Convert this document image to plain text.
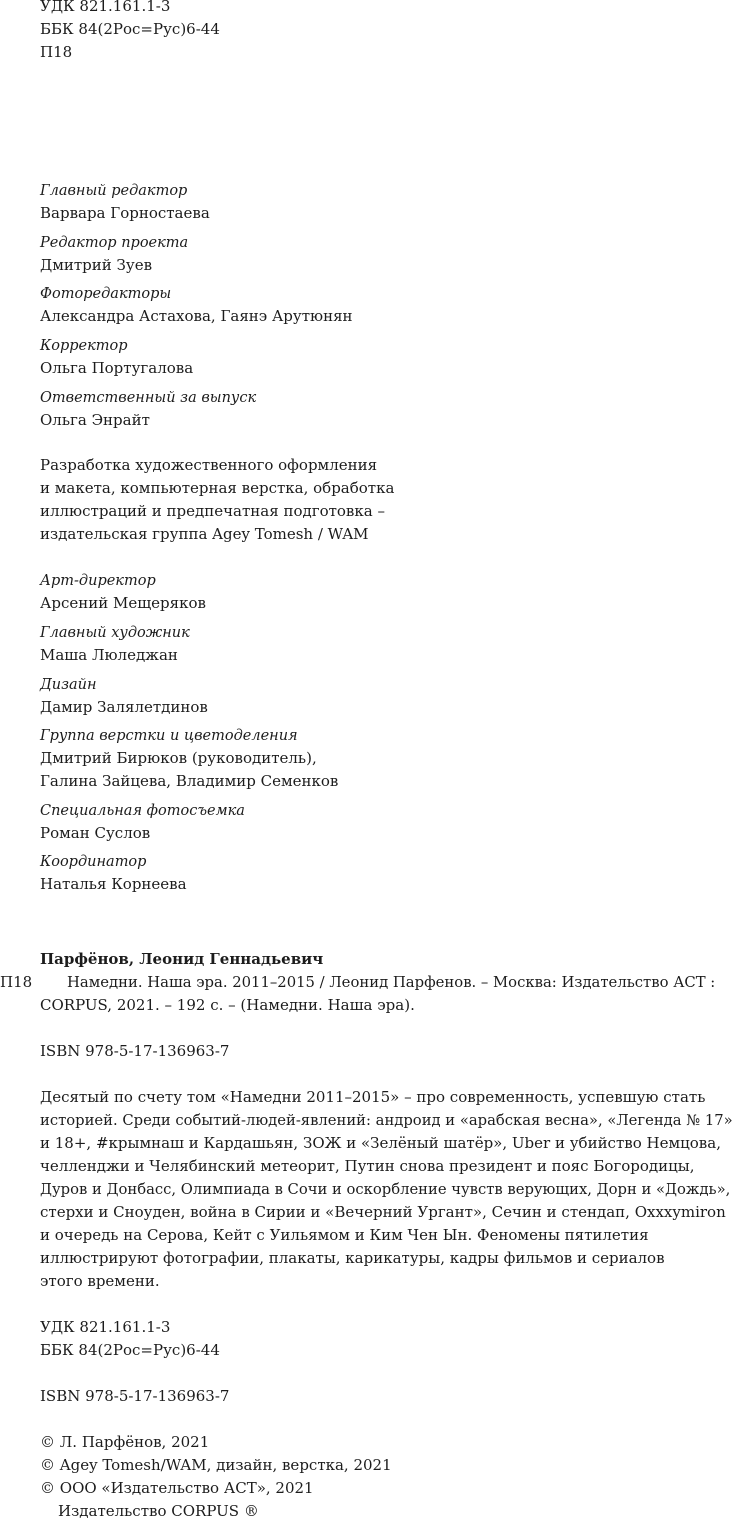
УДК 821.161.1-3
ББК 84(2Рос=Рус)6-44
П18
Главный редактор
Варвара Горностаева
Редактор проекта
Дмитрий Зуев
Фоторедакторы
Александра Астахова, Гаянэ Арутюнян
Корректор
Ольга Португалова
Ответственный за выпуск
Ольга Энрайт
Разработка художественного оформления
и макета, компьютерная верстка, обработка
иллюстраций и предпечатная подготовка –
издательская группа Agey Tomesh / WAM
Арт-директор
Арсений Мещеряков
Главный художник
Маша Люледжан
Дизайн
Дамир Залялетдинов
Группа верстки и цветоделения
Дмитрий Бирюков (руководитель),
Галина Зайцева, Владимир Семенков
Специальная фотосъемка
Роман Суслов
Координатор
Наталья Корнеева
Парфёнов, Леонид Геннадьевич
П18 Намедни. Наша эра. 2011–2015 / Леонид Парфенов. – Москва: Издательство АСТ :
CORPUS, 2021. – 192 с. – (Намедни. Наша эра).
ISBN 978-5-17-136963-7
Десятый по счету том «Намедни 2011–2015» – про современность, успевшую стать
историей. Среди событий-людей-явлений: андроид и «арабская весна», «Легенда № 17»
и 18+, #крымнаш и Кардашьян, ЗОЖ и «Зелёный шатёр», Uber и убийство Немцова,
челленджи и Челябинский метеорит, Путин снова президент и пояс Богородицы,
Дуров и Донбасс, Олимпиада в Сочи и оскорбление чувств верующих, Дорн и «Дождь»,
стерхи и Сноуден, война в Сирии и «Вечерний Ургант», Сечин и стендап, Oxxxymiron
и очередь на Серова, Кейт с Уильямом и Ким Чен Ын. Феномены пятилетия
иллюстрируют фотографии, плакаты, карикатуры, кадры фильмов и сериалов
этого времени.
УДК 821.161.1-3
ББК 84(2Рос=Рус)6-44
ISBN 978-5-17-136963-7
© Л. Парфёнов, 2021
© Agey Tomesh/WAM, дизайн, верстка, 2021
© ООО «Издательство АСТ», 2021
Издательство CORPUS ®
